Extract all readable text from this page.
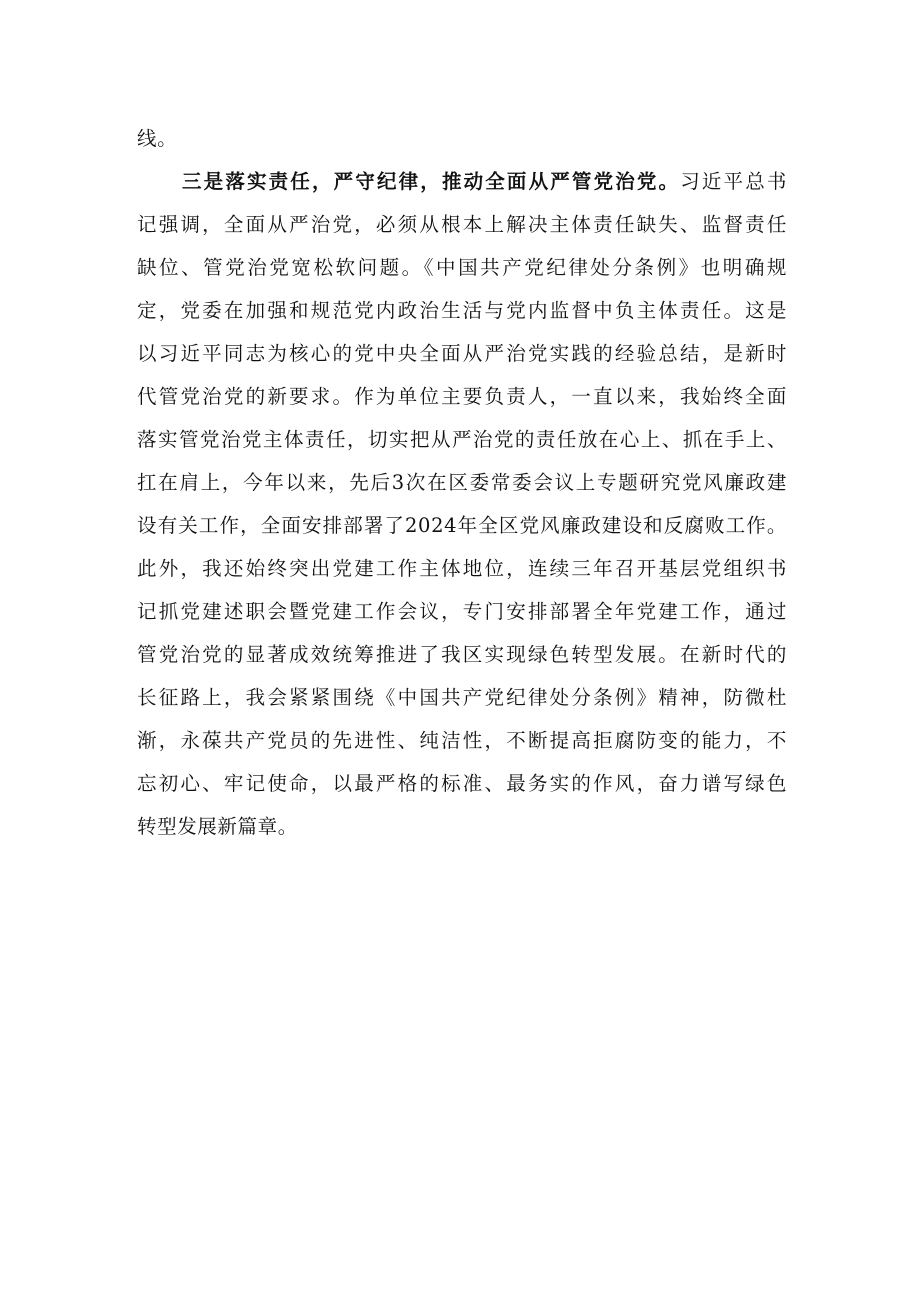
线。
三是落实责任，严守纪律，推动全面从严管党治党。习近平总书
记强调，全面从严治党，必须从根本上解决主体责任缺失、监督责任
缺位、管党治党宽松软问题。《中国共产党纪律处分条例》也明确规
定，党委在加强和规范党内政治生活与党内监督中负主体责任。这是
以习近平同志为核心的党中央全面从严治党实践的经验总结，是新时
代管党治党的新要求。作为单位主要负责人，一直以来，我始终全面
落实管党治党主体责任，切实把从严治党的责任放在心上、抓在手上、
扛在肩上，今年以来，先后3次在区委常委会议上专题研究党风廉政建
设有关工作，全面安排部署了2024年全区党风廉政建设和反腐败工作。
此外，我还始终突出党建工作主体地位，连续三年召开基层党组织书
记抓党建述职会暨党建工作会议，专门安排部署全年党建工作，通过
管党治党的显著成效统筹推进了我区实现绿色转型发展。在新时代的
长征路上，我会紧紧围绕《中国共产党纪律处分条例》精神，防微杜
渐，永葆共产党员的先进性、纯洁性，不断提高拒腐防变的能力，不
忘初心、牢记使命，以最严格的标准、最务实的作风，奋力谱写绿色
转型发展新篇章。
